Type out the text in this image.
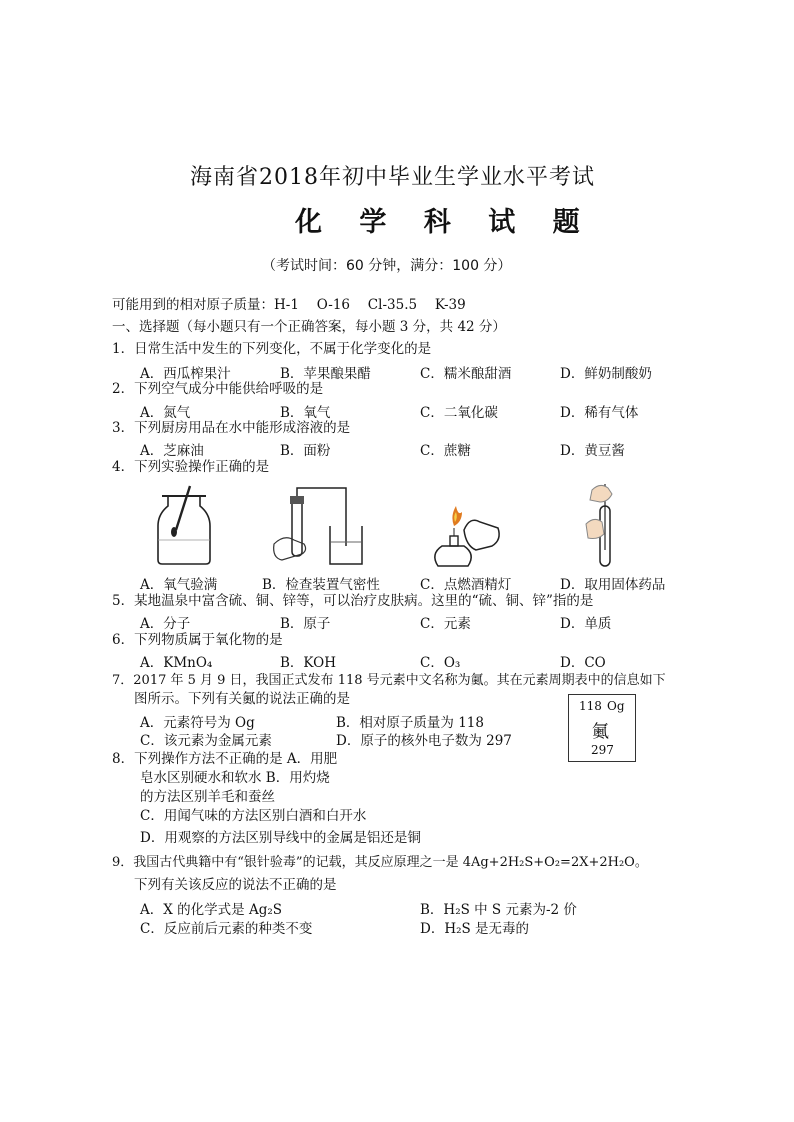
海南省2018年初中毕业生学业水平考试
化 学 科 试 题
（考试时间：60 分钟，满分：100 分）
可能用到的相对原子质量：H-1　 O-16　 Cl-35.5　 K-39
一、选择题（每小题只有一个正确答案，每小题 3 分，共 42 分）
1．日常生活中发生的下列变化，不属于化学变化的是
A．西瓜榨果汁	B．苹果酿果醋	C．糯米酿甜酒	D．鲜奶制酸奶
2．下列空气成分中能供给呼吸的是
A．氮气	B．氧气	C．二氧化碳	D．稀有气体
3．下列厨房用品在水中能形成溶液的是
A．芝麻油	B．面粉	C．蔗糖	D．黄豆酱
4．下列实验操作正确的是
A．氧气验满	B．检查装置气密性	C．点燃酒精灯	D．取用固体药品
5．某地温泉中富含硫、铜、锌等，可以治疗皮肤病。这里的“硫、铜、锌”指的是
A．分子	B．原子	C．元素	D．单质
6．下列物质属于氧化物的是
A．KMnO₄	B．KOH	C．O₃	D．CO
7．2017 年 5 月 9 日，我国正式发布 118 号元素中文名称为鿫。其在元素周期表中的信息如下
图所示。下列有关鿫的说法正确的是
A．元素符号为 Og	B．相对原子质量为 118
C．该元素为金属元素	D．原子的核外电子数为 297
118 Og
鿫
297
8．下列操作方法不正确的是 A．用肥
皂水区别硬水和软水 B．用灼烧
的方法区别羊毛和蚕丝
C．用闻气味的方法区别白酒和白开水
D．用观察的方法区别导线中的金属是铝还是铜
9．我国古代典籍中有“银针验毒”的记载，其反应原理之一是 4Ag+2H₂S+O₂=2X+2H₂O。
下列有关该反应的说法不正确的是
A．X 的化学式是 Ag₂S	B．H₂S 中 S 元素为-2 价
C．反应前后元素的种类不变	D．H₂S 是无毒的
